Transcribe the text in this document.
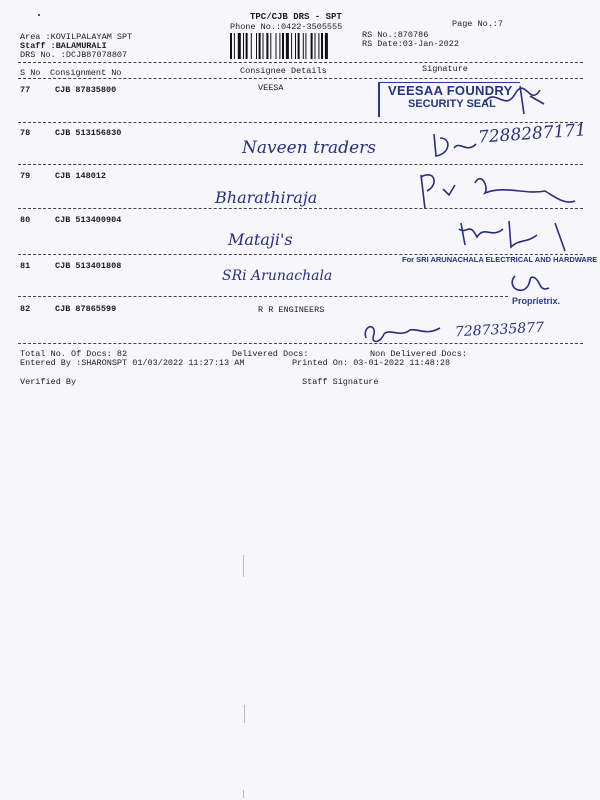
TPC/CJB DRS - SPT
Phone No.:0422-3505555	Page No.:7
Area :KOVILPALAYAM SPT
Staff :BALAMURALI
DRS No. :DCJB87078807
RS No.:870786
RS Date:03-Jan-2022
S No Consignment No	Consignee Details	Signature
77	CJB 87835800	VEESA	VEESAA FOUNDRY
SECURITY SEAL
78	CJB 513156830
Naveen traders
7288287171
79	CJB 148012
Bharathiraja
80	CJB 513400904
Mataji's
81	CJB 513401808
SRi Arunachala
For SRI ARUNACHALA ELECTRICAL AND HARDWARE
Proprietrix.
82	CJB 87865599	R R ENGINEERS
7287335877
Total No. Of Docs: 82	Delivered Docs:	Non Delivered Docs:
Entered By :SHARONSPT 01/03/2022 11:27:13 AM	Printed On: 03-01-2022 11:48:28
Verified By	Staff Signature
